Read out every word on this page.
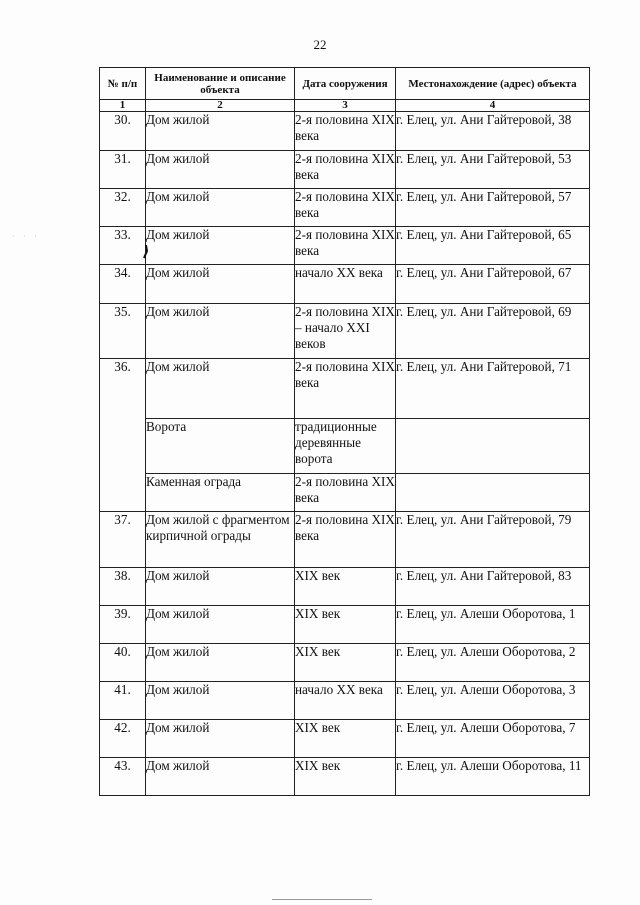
22
№ п/п	Наименование и описание объекта	Дата сооружения	Местонахождение (адрес) объекта
1	2	3	4
30.	Дом жилой	2-я половина XIX века	г. Елец, ул. Ани Гайтеровой, 38
31.	Дом жилой	2-я половина XIX века	г. Елец, ул. Ани Гайтеровой, 53
32.	Дом жилой	2-я половина XIX века	г. Елец, ул. Ани Гайтеровой, 57
33.	Дом жилой	2-я половина XIX века	г. Елец, ул. Ани Гайтеровой, 65
34.	Дом жилой	начало XX века	г. Елец, ул. Ани Гайтеровой, 67
35.	Дом жилой	2-я половина XIX – начало XXI веков	г. Елец, ул. Ани Гайтеровой, 69
36.	Дом жилой	2-я половина XIX века	г. Елец, ул. Ани Гайтеровой, 71
	Ворота	традиционные деревянные ворота	
	Каменная ограда	2-я половина XIX века	
37.	Дом жилой с фрагментом кирпичной ограды	2-я половина XIX века	г. Елец, ул. Ани Гайтеровой, 79
38.	Дом жилой	XIX век	г. Елец, ул. Ани Гайтеровой, 83
39.	Дом жилой	XIX век	г. Елец, ул. Алеши Оборотова, 1
40.	Дом жилой	XIX век	г. Елец, ул. Алеши Оборотова, 2
41.	Дом жилой	начало XX века	г. Елец, ул. Алеши Оборотова, 3
42.	Дом жилой	XIX век	г. Елец, ул. Алеши Оборотова, 7
43.	Дом жилой	XIX век	г. Елец, ул. Алеши Оборотова, 11
· · ·
